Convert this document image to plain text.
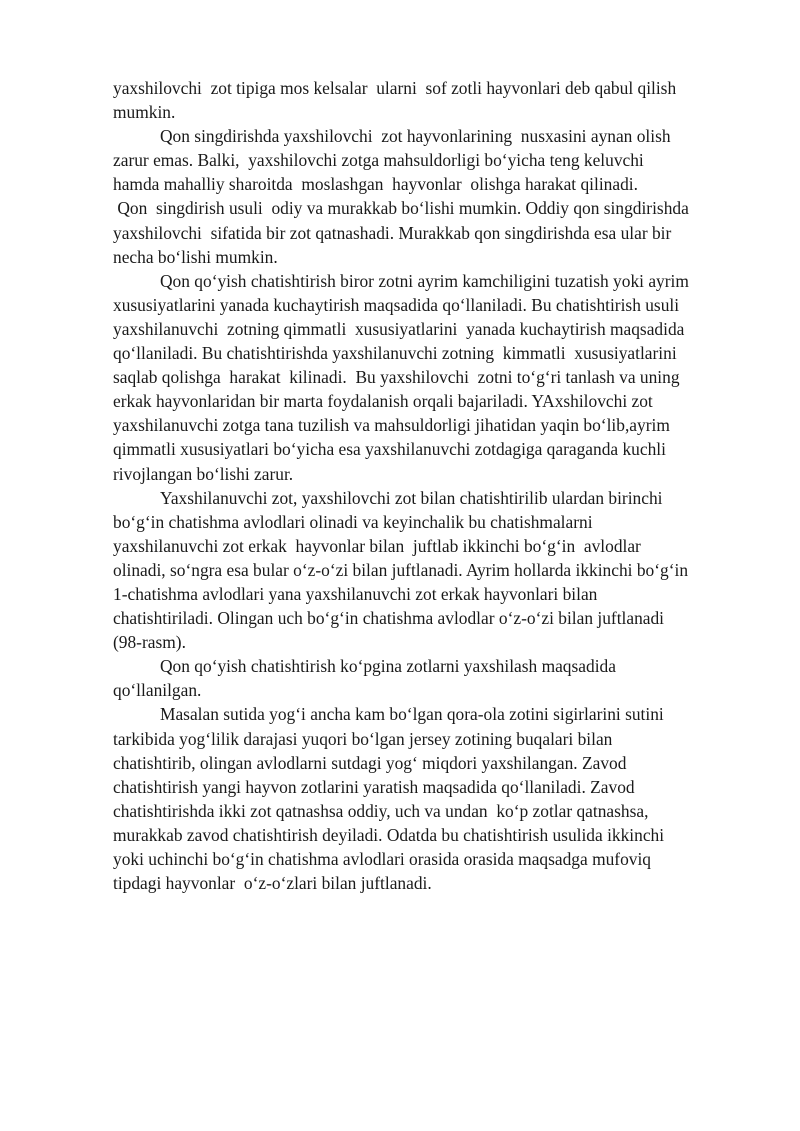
yaxshilovchi  zot tipiga mos kelsalar  ularni  sof zotli hayvonlari deb qabul qilish
mumkin.
Qon singdirishda yaxshilovchi  zot hayvonlarining  nusxasini aynan olish
zarur emas. Balki,  yaxshilovchi zotga mahsuldorligi bo‘yicha teng keluvchi
hamda mahalliy sharoitda  moslashgan  hayvonlar  olishga harakat qilinadi.
Qon  singdirish usuli  odiy va murakkab bo‘lishi mumkin. Oddiy qon singdirishda
yaxshilovchi  sifatida bir zot qatnashadi. Murakkab qon singdirishda esa ular bir
necha bo‘lishi mumkin.
Qon qo‘yish chatishtirish biror zotni ayrim kamchiligini tuzatish yoki ayrim
xususiyatlarini yanada kuchaytirish maqsadida qo‘llaniladi. Bu chatishtirish usuli
yaxshilanuvchi  zotning qimmatli  xususiyatlarini  yanada kuchaytirish maqsadida
qo‘llaniladi. Bu chatishtirishda yaxshilanuvchi zotning  kimmatli  xususiyatlarini
saqlab qolishga  harakat  kilinadi.  Bu yaxshilovchi  zotni to‘g‘ri tanlash va uning
erkak hayvonlaridan bir marta foydalanish orqali bajariladi. YAxshilovchi zot
yaxshilanuvchi zotga tana tuzilish va mahsuldorligi jihatidan yaqin bo‘lib,ayrim
qimmatli xususiyatlari bo‘yicha esa yaxshilanuvchi zotdagiga qaraganda kuchli
rivojlangan bo‘lishi zarur.
Yaxshilanuvchi zot, yaxshilovchi zot bilan chatishtirilib ulardan birinchi
bo‘g‘in chatishma avlodlari olinadi va keyinchalik bu chatishmalarni
yaxshilanuvchi zot erkak  hayvonlar bilan  juftlab ikkinchi bo‘g‘in  avlodlar
olinadi, so‘ngra esa bular o‘z-o‘zi bilan juftlanadi. Ayrim hollarda ikkinchi bo‘g‘in
1-chatishma avlodlari yana yaxshilanuvchi zot erkak hayvonlari bilan
chatishtiriladi. Olingan uch bo‘g‘in chatishma avlodlar o‘z-o‘zi bilan juftlanadi
(98-rasm).
Qon qo‘yish chatishtirish ko‘pgina zotlarni yaxshilash maqsadida
qo‘llanilgan.
Masalan sutida yog‘i ancha kam bo‘lgan qora-ola zotini sigirlarini sutini
tarkibida yog‘lilik darajasi yuqori bo‘lgan jersey zotining buqalari bilan
chatishtirib, olingan avlodlarni sutdagi yog‘ miqdori yaxshilangan. Zavod
chatishtirish yangi hayvon zotlarini yaratish maqsadida qo‘llaniladi. Zavod
chatishtirishda ikki zot qatnashsa oddiy, uch va undan  ko‘p zotlar qatnashsa,
murakkab zavod chatishtirish deyiladi. Odatda bu chatishtirish usulida ikkinchi
yoki uchinchi bo‘g‘in chatishma avlodlari orasida orasida maqsadga mufoviq
tipdagi hayvonlar  o‘z-o‘zlari bilan juftlanadi.
